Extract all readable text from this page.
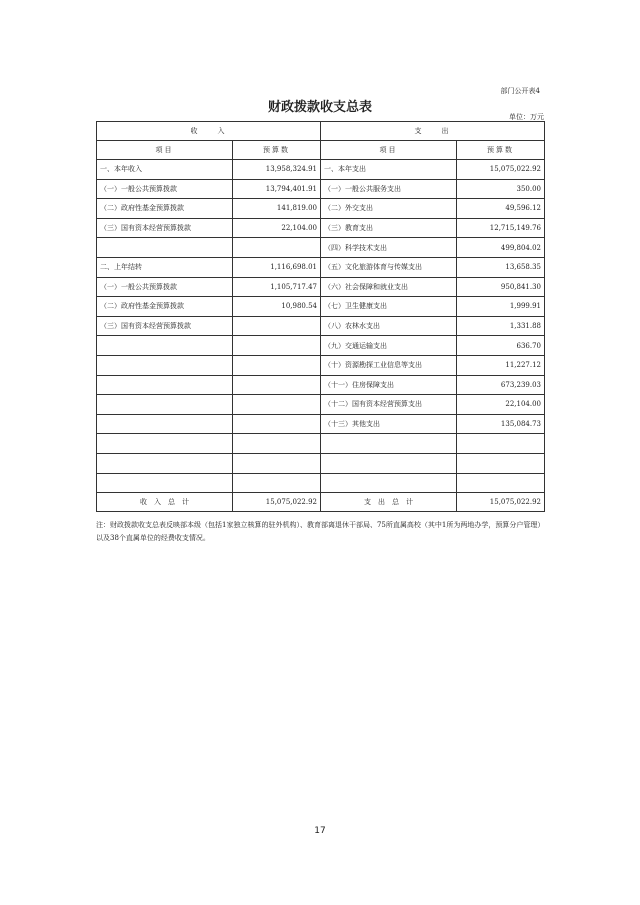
部门公开表4
财政拨款收支总表
单位：万元
收　　入		支　　出	
项目	预算数	项目	预算数
一、本年收入	13,958,324.91	一、本年支出	15,075,022.92
（一）一般公共预算拨款	13,794,401.91	（一）一般公共服务支出	350.00
（二）政府性基金预算拨款	141,819.00	（二）外交支出	49,596.12
（三）国有资本经营预算拨款	22,104.00	（三）教育支出	12,715,149.76
		（四）科学技术支出	499,804.02
二、上年结转	1,116,698.01	（五）文化旅游体育与传媒支出	13,658.35
（一）一般公共预算拨款	1,105,717.47	（六）社会保障和就业支出	950,841.30
（二）政府性基金预算拨款	10,980.54	（七）卫生健康支出	1,999.91
（三）国有资本经营预算拨款		（八）农林水支出	1,331.88
		（九）交通运输支出	636.70
		（十）资源勘探工业信息等支出	11,227.12
		（十一）住房保障支出	673,239.03
		（十二）国有资本经营预算支出	22,104.00
		（十三）其他支出	135,084.73

收　入　总　计	15,075,022.92	支　出　总　计	15,075,022.92
注：财政拨款收支总表反映部本级（包括1家独立核算的驻外机构）、教育部离退休干部局、75所直属高校（其中1所为两地办学，预算分户管理）以及38个直属单位的经费收支情况。
17
